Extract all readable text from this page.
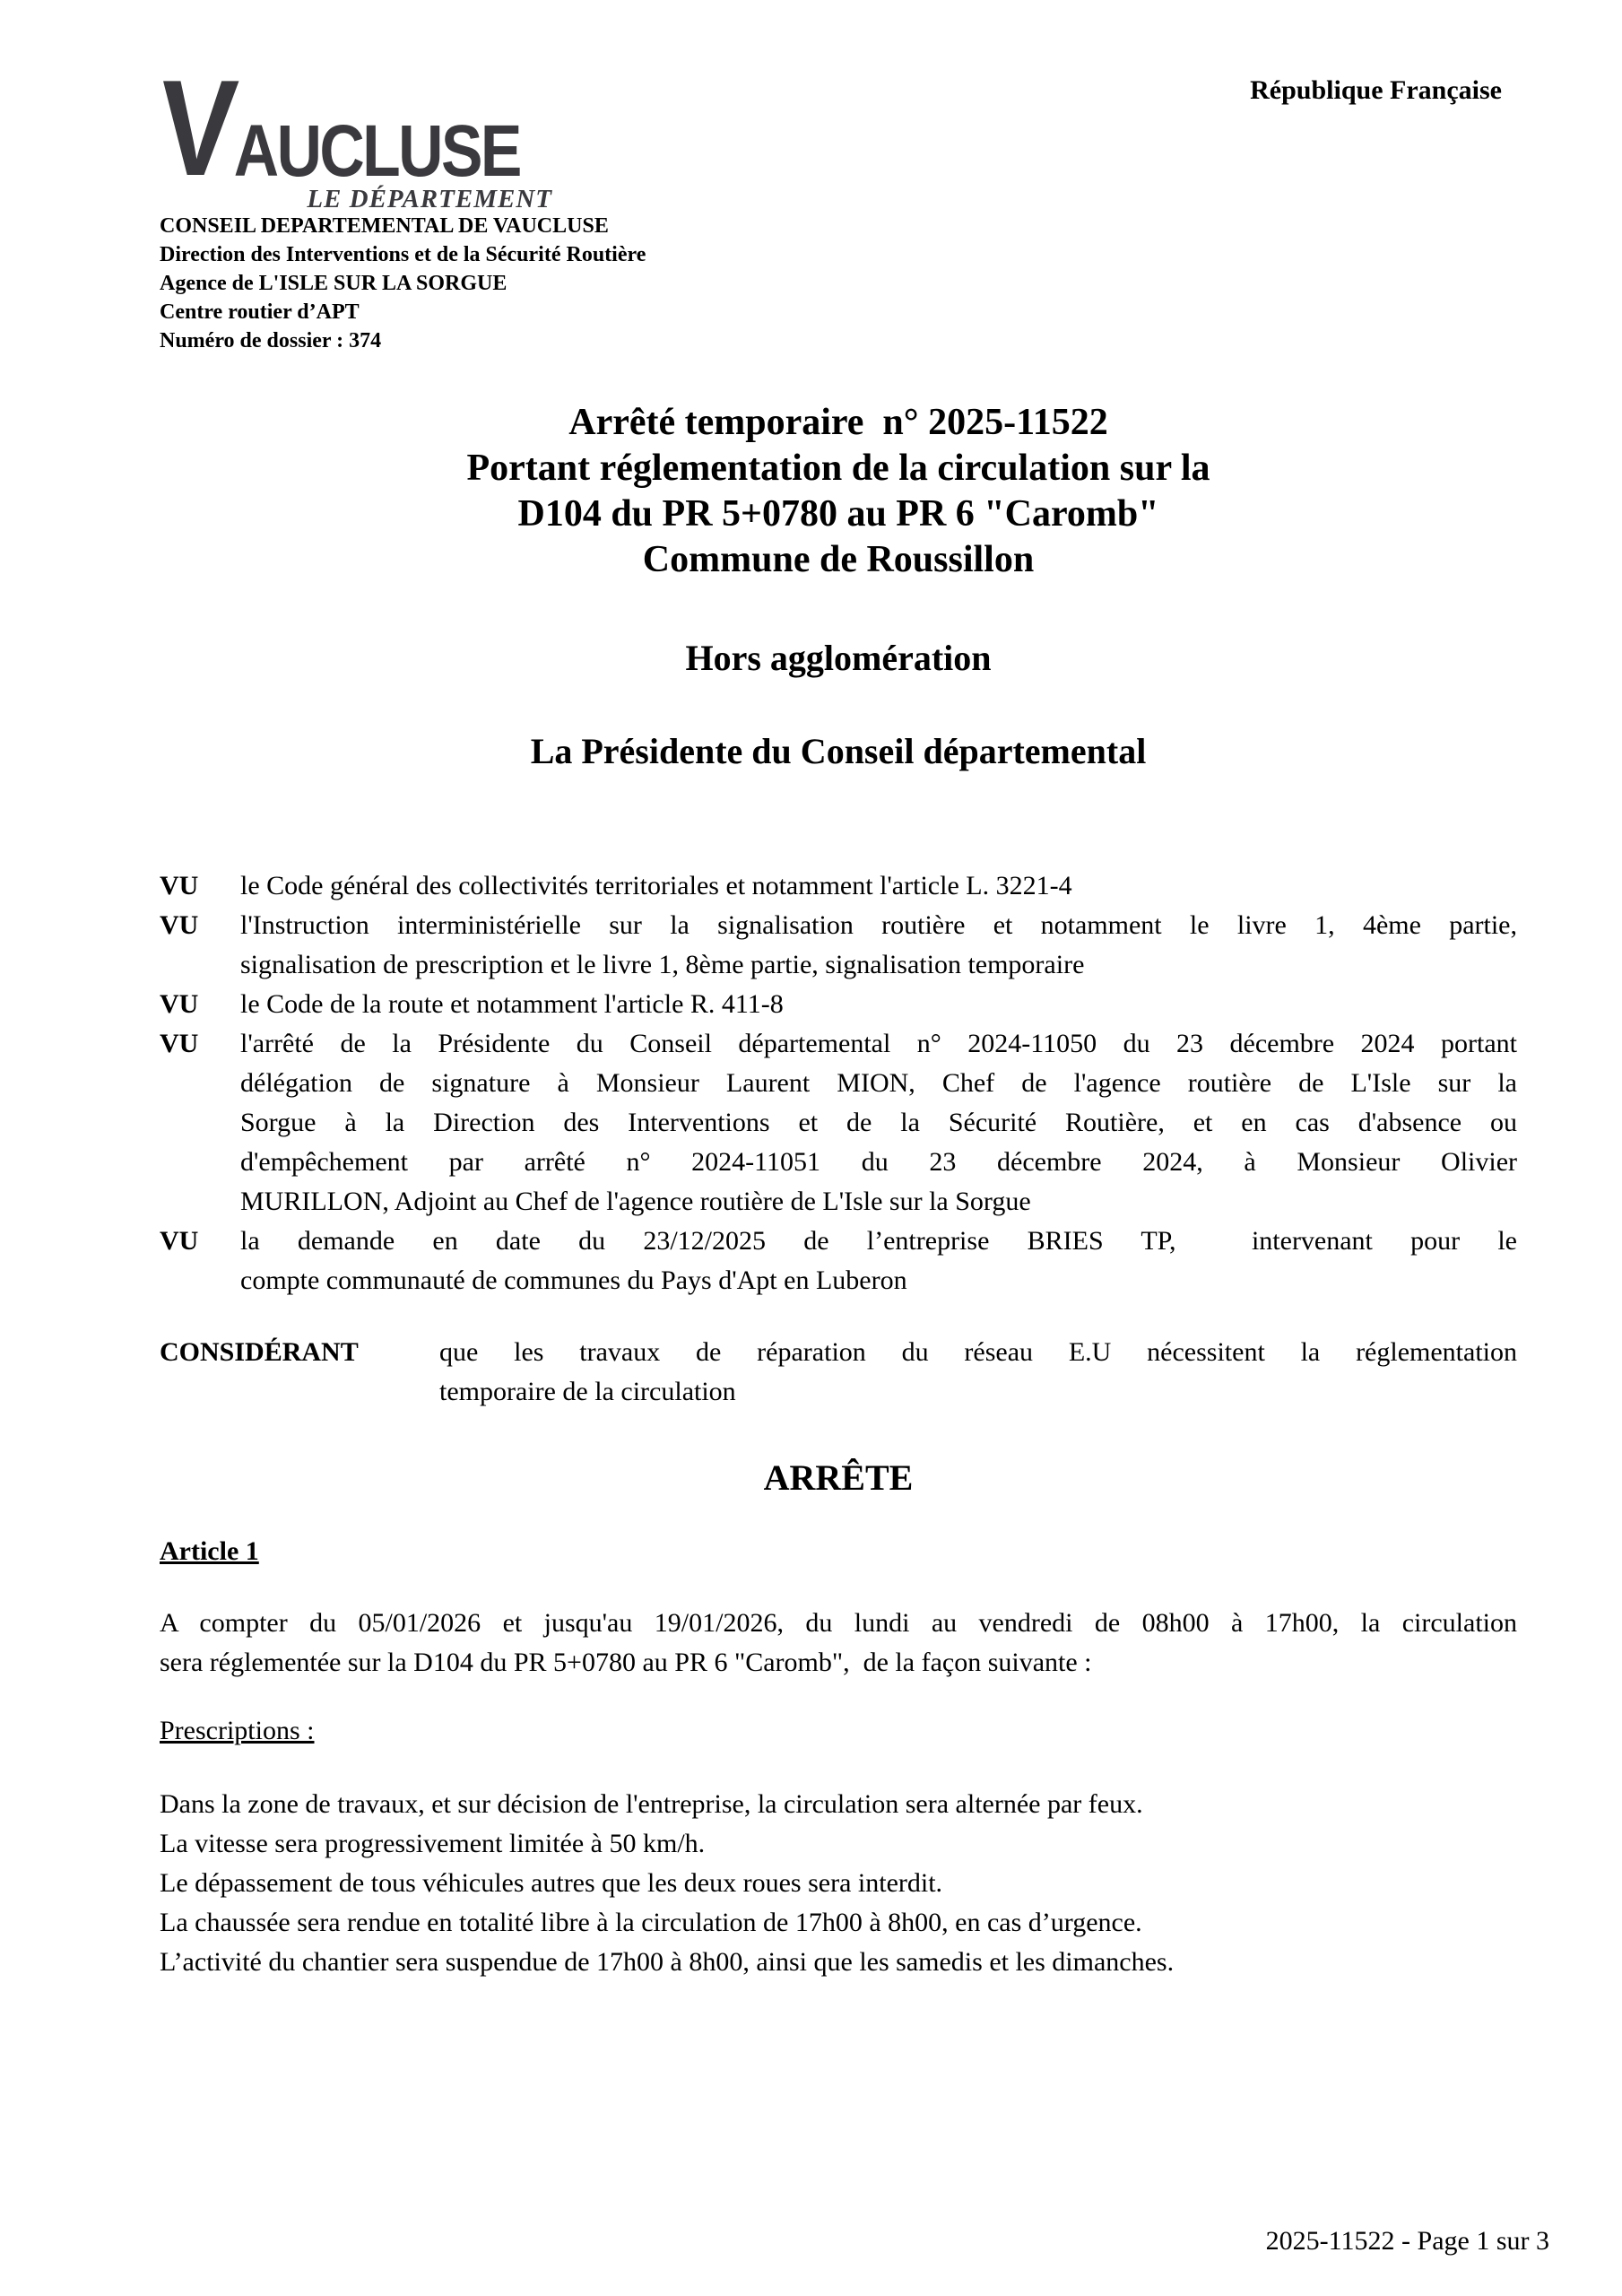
République Française
V
AUCLUSE
LE DÉPARTEMENT
CONSEIL DEPARTEMENTAL DE VAUCLUSE
Direction des Interventions et de la Sécurité Routière
Agence de L'ISLE SUR LA SORGUE
Centre routier d’APT
Numéro de dossier : 374
Arrêté temporaire  n° 2025-11522
Portant réglementation de la circulation sur la
D104 du PR 5+0780 au PR 6 "Caromb"
Commune de Roussillon
Hors agglomération
La Présidente du Conseil départemental
VU	le Code général des collectivités territoriales et notamment l'article L. 3221-4
VU	l'Instruction interministérielle sur la signalisation routière et notamment le livre 1, 4ème partie,
signalisation de prescription et le livre 1, 8ème partie, signalisation temporaire
VU	le Code de la route et notamment l'article R. 411-8
VU	l'arrêté de la Présidente du Conseil départemental n° 2024-11050 du 23 décembre 2024 portant
délégation de signature à Monsieur Laurent MION, Chef de l'agence routière de L'Isle sur la
Sorgue à la Direction des Interventions et de la Sécurité Routière, et en cas d'absence ou
d'empêchement par arrêté n° 2024-11051 du 23 décembre 2024, à Monsieur Olivier
MURILLON, Adjoint au Chef de l'agence routière de L'Isle sur la Sorgue
VU	la demande en date du 23/12/2025 de l’entreprise BRIES TP,  intervenant pour le
compte communauté de communes du Pays d'Apt en Luberon
CONSIDÉRANT	que les travaux de réparation du réseau E.U nécessitent la réglementation
temporaire de la circulation
ARRÊTE
Article 1
A compter du 05/01/2026 et jusqu'au 19/01/2026, du lundi au vendredi de 08h00 à 17h00, la circulation
sera réglementée sur la D104 du PR 5+0780 au PR 6 "Caromb",  de la façon suivante :
Prescriptions :
Dans la zone de travaux, et sur décision de l'entreprise, la circulation sera alternée par feux.
La vitesse sera progressivement limitée à 50 km/h.
Le dépassement de tous véhicules autres que les deux roues sera interdit.
La chaussée sera rendue en totalité libre à la circulation de 17h00 à 8h00, en cas d’urgence.
L’activité du chantier sera suspendue de 17h00 à 8h00, ainsi que les samedis et les dimanches.
2025-11522 - Page 1 sur 3
